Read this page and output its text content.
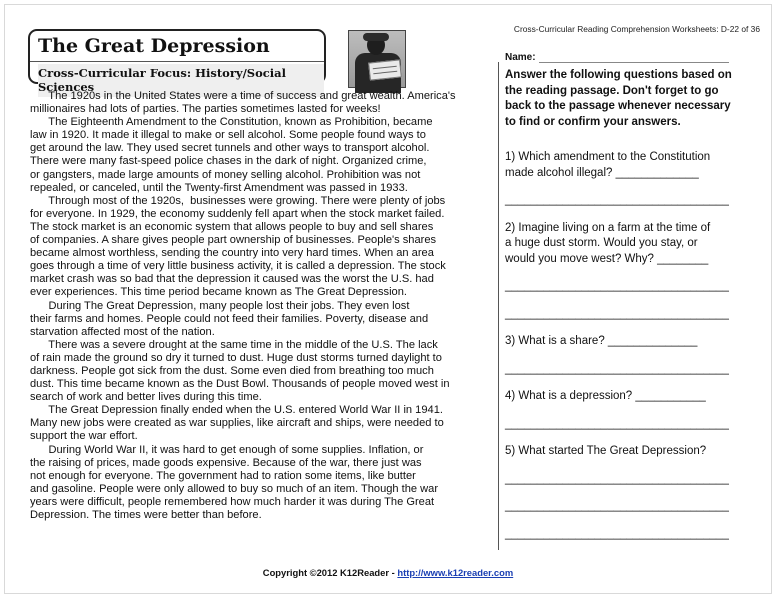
Cross-Curricular Reading Comprehension Worksheets: D-22 of 36
The Great Depression
Cross-Curricular Focus: History/Social Sciences

The 1920s in the United States were a time of success and great wealth. America's

millionaires had lots of parties. The parties sometimes lasted for weeks!

The Eighteenth Amendment to the Constitution, known as Prohibition, became

law in 1920. It made it illegal to make or sell alcohol. Some people found ways to

get around the law. They used secret tunnels and other ways to transport alcohol.

There were many fast-speed police chases in the dark of night. Organized crime,

or gangsters, made large amounts of money selling alcohol. Prohibition was not

repealed, or canceled, until the Twenty-first Amendment was passed in 1933.

Through most of the 1920s,  businesses were growing. There were plenty of jobs

for everyone. In 1929, the economy suddenly fell apart when the stock market failed.

The stock market is an economic system that allows people to buy and sell shares

of companies. A share gives people part ownership of businesses. People's shares

became almost worthless, sending the country into very hard times. When an area

goes through a time of very little business activity, it is called a depression. The stock

market crash was so bad that the depression it caused was the worst the U.S. had

ever experiences. This time period became known as The Great Depression.

During The Great Depression, many people lost their jobs. They even lost

their farms and homes. People could not feed their families. Poverty, disease and

starvation affected most of the nation.

There was a severe drought at the same time in the middle of the U.S. The lack

of rain made the ground so dry it turned to dust. Huge dust storms turned daylight to

darkness. People got sick from the dust. Some even died from breathing too much

dust. This time became known as the Dust Bowl. Thousands of people moved west in

search of work and better lives during this time.

The Great Depression finally ended when the U.S. entered World War II in 1941.

Many new jobs were created as war supplies, like aircraft and ships, were needed to

support the war effort.

During World War II, it was hard to get enough of some supplies. Inflation, or

the raising of prices, made goods expensive. Because of the war, there just was

not enough for everyone. The government had to ration some items, like butter

and gasoline. People were only allowed to buy so much of an item. Though the war

years were difficult, people remembered how much harder it was during The Great

Depression. The times were better than before.

Name:
Answer the following questions based on
the reading passage. Don't forget to go
back to the passage whenever necessary
to find or confirm your answers.
1) Which amendment to the Constitution
made alcohol illegal? _____________
___________________________________
2) Imagine living on a farm at the time of
a huge dust storm. Would you stay, or
would you move west? Why? ________
___________________________________
___________________________________
3) What is a share? ______________
___________________________________
4) What is a depression? ___________
___________________________________
5) What started The Great Depression?
___________________________________
___________________________________
___________________________________
Copyright ©2012 K12Reader - http://www.k12reader.com
